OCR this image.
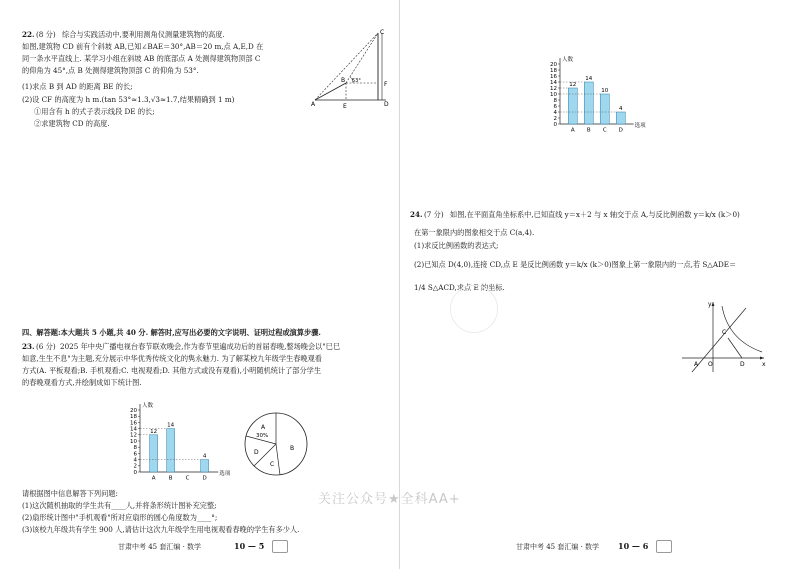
22. (8 分) 综合与实践活动中,要利用测角仪测量建筑物的高度.
如图,建筑物 CD 前有个斜坡 AB,已知∠BAE＝30°,AB＝20 m,点 A,E,D 在
同一条水平直线上. 某学习小组在斜坡 AB 的底部点 A 处测得建筑物顶部 C
的仰角为 45°,点 B 处测得建筑物顶部 C 的仰角为 53°.
(1)求点 B 到 AD 的距离 BE 的长;
(2)设 CF 的高度为 h m.(tan 53°≈1.3,√3≈1.7,结果精确到 1 m)
①用含有 h 的式子表示线段 DE 的长;
②求建筑物 CD 的高度.
A
B
C
D
E
F
53°
四、解答题:本大题共 5 小题,共 40 分. 解答时,应写出必要的文字说明、证明过程或演算步骤.
23. (6 分) 2025 年中央广播电视台春节联欢晚会,作为春节里遍成功后的首届春晚,整场晚会以"巳巳
如意,生生不息"为主题,充分展示中华优秀传统文化的隽永魅力. 为了解某校九年级学生春晚观看
方式(A. 平板观看;B. 手机观看;C. 电视观看;D. 其他方式或没有观看),小明随机统计了部分学生
的春晚观看方式,并绘制成如下统计图.
人数
选项
0
2
4
6
8
10
12
14
16
18
20
A
12
B
14
C D
4
A
30%
B
C
D
请根据图中信息解答下列问题:
(1)这次随机抽取的学生共有____人,并将条形统计图补充完整;
(2)扇形统计图中"手机观看"所对应扇形的圆心角度数为____°;
(3)该校九年级共有学生 900 人,请估计这次九年级学生用电视观看春晚的学生有多少人.
甘肃中考 45 套汇编 · 数学	10 — 5
人数
选项
0
2
4
6
8
10
12
14
16
18
20
A
12
B
14
C
10
D
4
24. (7 分) 如图,在平面直角坐标系中,已知直线 y＝x＋2 与 x 轴交于点 A,与反比例函数 y＝k/x (k＞0)
在第一象限内的图象相交于点 C(a,4).
(1)求反比例函数的表达式;
(2)已知点 D(4,0),连接 CD,点 E 是反比例函数 y＝k/x (k＞0)图象上第一象限内的一点,若 S△ADE＝
1/4 S△ACD,求点 E 的坐标.
y
x
A O	D
C
甘肃中考 45 套汇编 · 数学 10 — 6
关注公众号★全科AA+
